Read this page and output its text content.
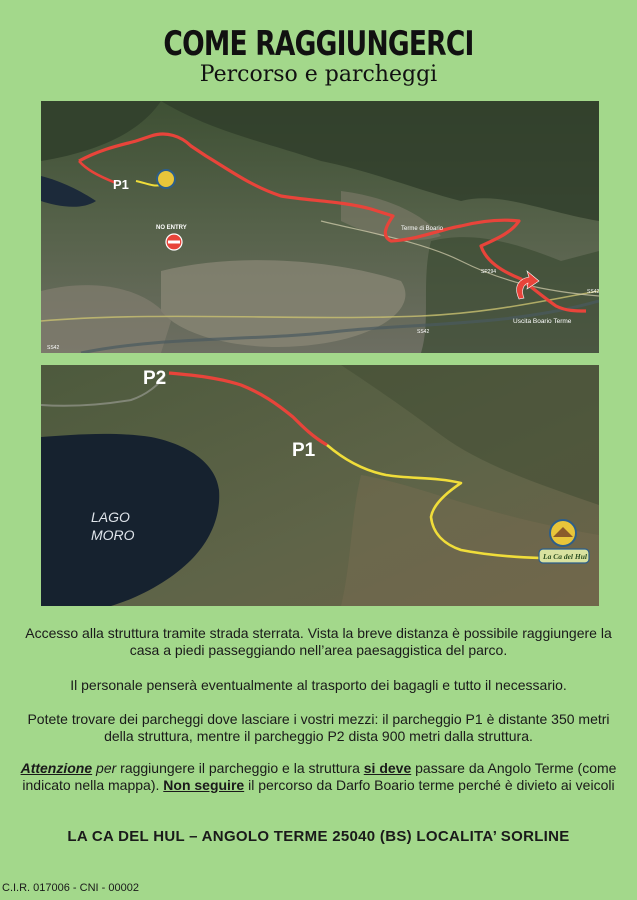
COME RAGGIUNGERCI
Percorso e parcheggi
P1
NO ENTRY	Terme di Boario
Uscita Boario Terme
SS42
SP294
SS42
SS42
P2
P1
LAGO
MORO
La Ca del Hul
Accesso alla struttura tramite strada sterrata. Vista la breve distanza è possibile raggiungere la casa a piedi passeggiando nell’area paesaggistica del parco.
Il personale penserà eventualmente al trasporto dei bagagli e tutto il necessario.
Potete trovare dei parcheggi dove lasciare i vostri mezzi: il parcheggio P1 è distante 350 metri della struttura, mentre il parcheggio P2 dista 900 metri dalla struttura.
Attenzione per raggiungere il parcheggio e la struttura si deve passare da Angolo Terme (come indicato nella mappa). Non seguire il percorso da Darfo Boario terme perché è divieto ai veicoli
LA CA DEL HUL – ANGOLO TERME 25040 (BS) LOCALITA’ SORLINE
C.I.R. 017006 - CNI - 00002
